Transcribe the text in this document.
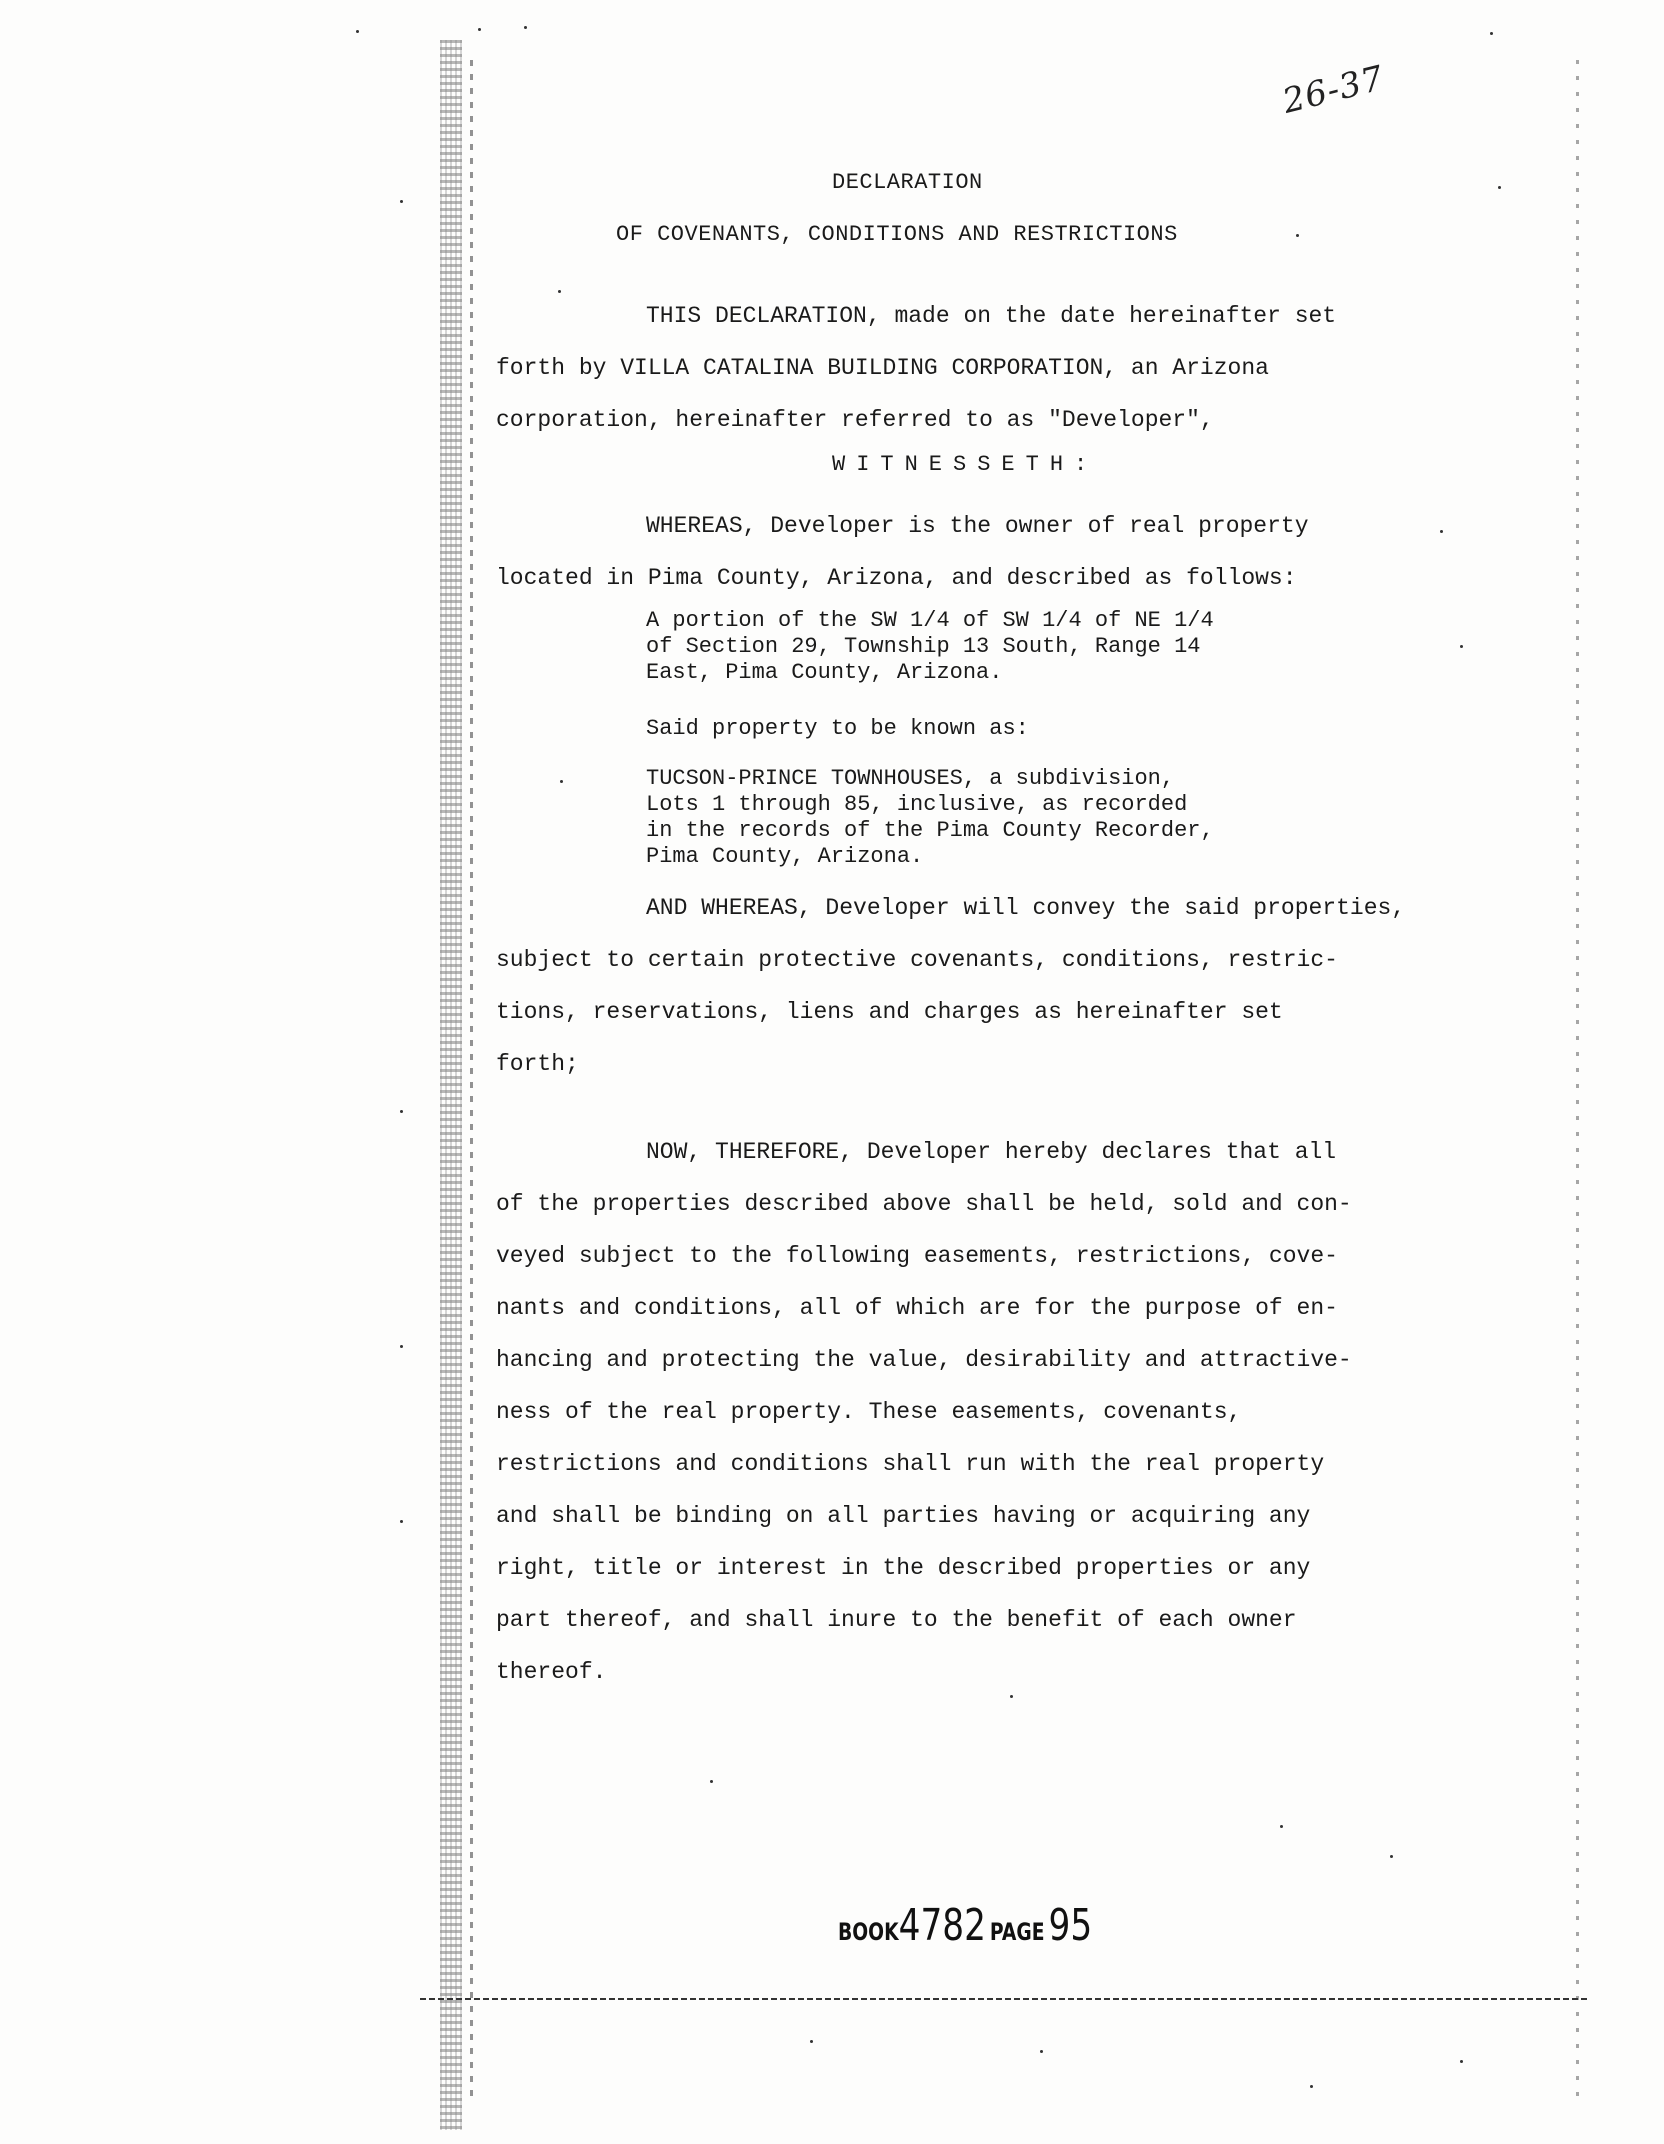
26-37
DECLARATION
OF COVENANTS, CONDITIONS AND RESTRICTIONS

THIS DECLARATION, made on the date hereinafter set
forth by VILLA CATALINA BUILDING CORPORATION, an Arizona
corporation, hereinafter referred to as "Developer",

WITNESSETH:

WHEREAS, Developer is the owner of real property
located in Pima County, Arizona, and described as follows:

A portion of the SW 1/4 of SW 1/4 of NE 1/4
of Section 29, Township 13 South, Range 14
East, Pima County, Arizona.

Said property to be known as:

TUCSON-PRINCE TOWNHOUSES, a subdivision,
Lots 1 through 85, inclusive, as recorded
in the records of the Pima County Recorder,
Pima County, Arizona.

AND WHEREAS, Developer will convey the said properties,
subject to certain protective covenants, conditions, restric-
tions, reservations, liens and charges as hereinafter set
forth;

NOW, THEREFORE, Developer hereby declares that all
of the properties described above shall be held, sold and con-
veyed subject to the following easements, restrictions, cove-
nants and conditions, all of which are for the purpose of en-
hancing and protecting the value, desirability and attractive-
ness of the real property. These easements, covenants,
restrictions and conditions shall run with the real property
and shall be binding on all parties having or acquiring any
right, title or interest in the described properties or any
part thereof, and shall inure to the benefit of each owner
thereof.

BOOK4782 PAGE 95
